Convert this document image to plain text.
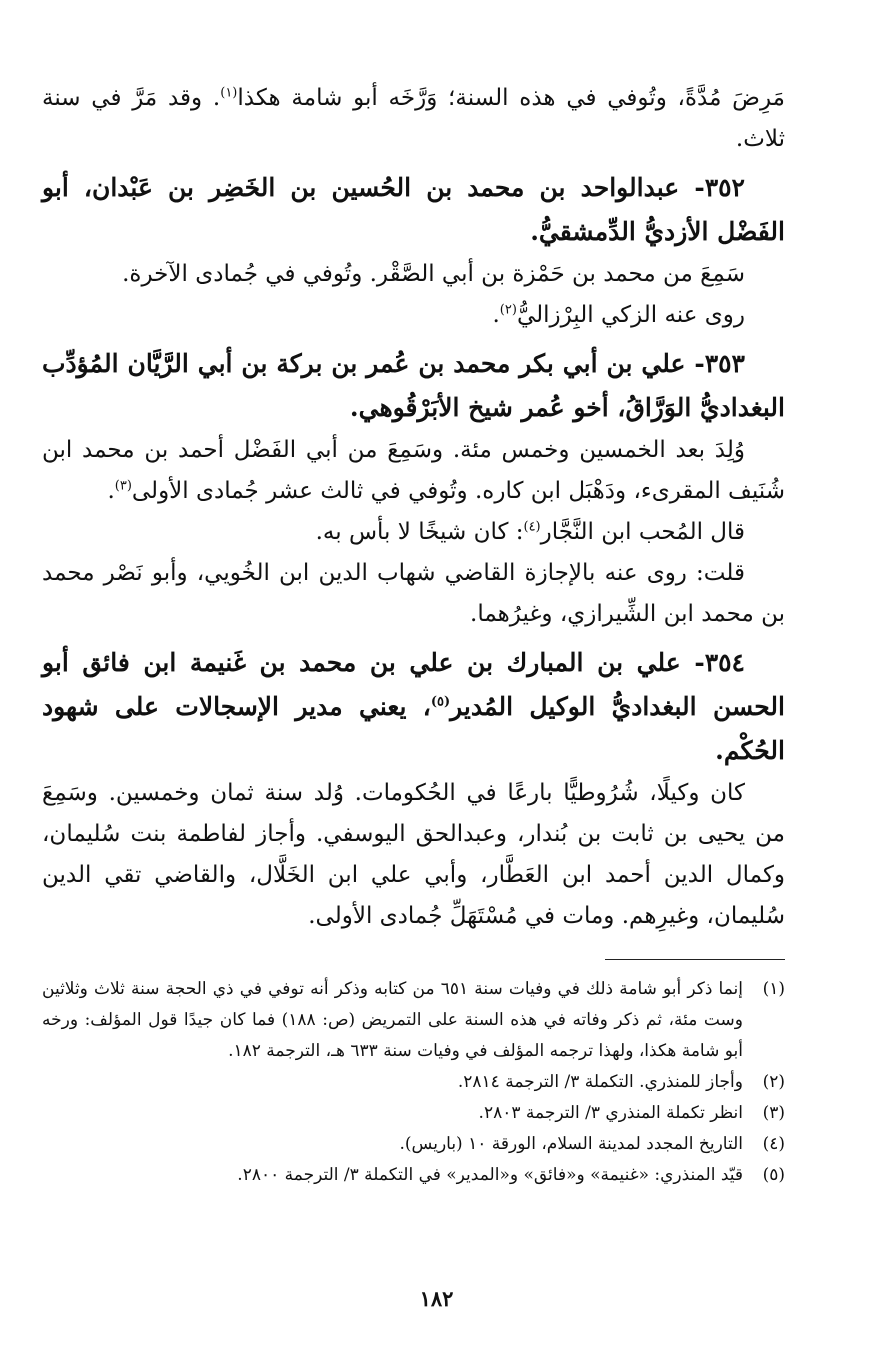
مَرِضَ مُدَّةً، وتُوفي في هذه السنة؛ وَرَّخَه أبو شامة هكذا$^{(١)}$. وقد مَرَّ في سنة ثلاث.

٣٥٢- عبدالواحد بن محمد بن الحُسين بن الخَضِر بن عَبْدان، أبو الفَضْل الأزديُّ الدِّمشقيُّ.

سَمِعَ من محمد بن حَمْزة بن أبي الصَّقْر. وتُوفي في جُمادى الآخرة.

روى عنه الزكي البِرْزاليُّ$^{(٢)}$.

٣٥٣- علي بن أبي بكر محمد بن عُمر بن بركة بن أبي الرَّيَّان المُؤدِّب البغداديُّ الوَرَّاقُ، أخو عُمر شيخ الأبَرْقُوهي.

وُلِدَ بعد الخمسين وخمس مئة. وسَمِعَ من أبي الفَضْل أحمد بن محمد ابن شُنَيف المقرىء، ودَهْبَل ابن كاره. وتُوفي في ثالث عشر جُمادى الأولى$^{(٣)}$.

قال المُحب ابن النَّجَّار$^{(٤)}$: كان شيخًا لا بأس به.

قلت: روى عنه بالإجازة القاضي شهاب الدين ابن الخُويي، وأبو نَصْر محمد بن محمد ابن الشِّيرازي، وغيرُهما.

٣٥٤- علي بن المبارك بن علي بن محمد بن غَنيمة ابن فائق أبو الحسن البغداديُّ الوكيل المُدير$^{(٥)}$، يعني مدير الإسجالات على شهود الحُكْم.

كان وكيلًا، شُرُوطيًّا بارعًا في الحُكومات. وُلد سنة ثمان وخمسين. وسَمِعَ من يحيى بن ثابت بن بُندار، وعبدالحق اليوسفي. وأجاز لفاطمة بنت سُليمان، وكمال الدين أحمد ابن العَطَّار، وأبي علي ابن الخَلَّال، والقاضي تقي الدين سُليمان، وغيرِهم. ومات في مُسْتَهَلِّ جُمادى الأولى.

(١)
إنما ذكر أبو شامة ذلك في وفيات سنة ٦٥١ من كتابه وذكر أنه توفي في ذي الحجة سنة ثلاث وثلاثين وست مئة، ثم ذكر وفاته في هذه السنة على التمريض (ص: ١٨٨) فما كان جيدًا قول المؤلف: ورخه أبو شامة هكذا، ولهذا ترجمه المؤلف في وفيات سنة ٦٣٣ هـ، الترجمة ١٨٢.
(٢)
وأجاز للمنذري. التكملة ٣/ الترجمة ٢٨١٤.
(٣)
انظر تكملة المنذري ٣/ الترجمة ٢٨٠٣.
(٤)
التاريخ المجدد لمدينة السلام، الورقة ١٠ (باريس).
(٥)
قيّد المنذري: «غنيمة» و«فائق» و«المدير» في التكملة ٣/ الترجمة ٢٨٠٠.
١٨٢
